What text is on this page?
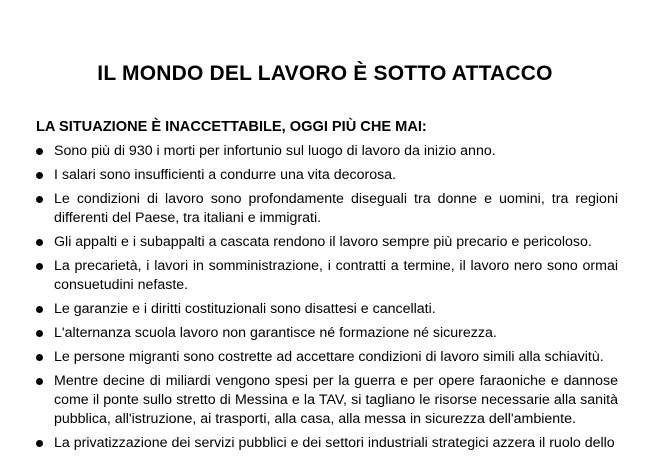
IL MONDO DEL LAVORO È SOTTO ATTACCO
LA SITUAZIONE È INACCETTABILE, OGGI PIÙ CHE MAI:
Sono più di 930 i morti per infortunio sul luogo di lavoro da inizio anno.
I salari sono insufficienti a condurre una vita decorosa.
Le condizioni di lavoro sono profondamente diseguali tra donne e uomini, tra regioni differenti del Paese, tra italiani e immigrati.
Gli appalti e i subappalti a cascata rendono il lavoro sempre più precario e pericoloso.
La precarietà, i lavori in somministrazione, i contratti a termine, il lavoro nero sono ormai consuetudini nefaste.
Le garanzie e i diritti costituzionali sono disattesi e cancellati.
L'alternanza scuola lavoro non garantisce né formazione né sicurezza.
Le persone migranti sono costrette ad accettare condizioni di lavoro simili alla schiavitù.
Mentre decine di miliardi vengono spesi per la guerra e per opere faraoniche e dannose come il ponte sullo stretto di Messina e la TAV, si tagliano le risorse necessarie alla sanità pubblica, all'istruzione, ai trasporti, alla casa, alla messa in sicurezza dell'ambiente.
La privatizzazione dei servizi pubblici e dei settori industriali strategici azzera il ruolo dello
